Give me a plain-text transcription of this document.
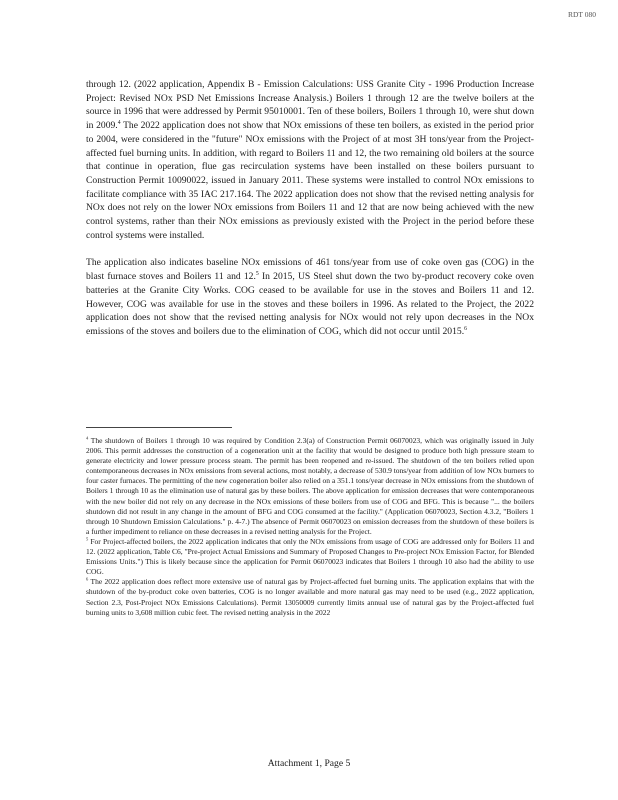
RDT 080

through 12. (2022 application, Appendix B - Emission Calculations: USS Granite City - 1996 Production Increase Project: Revised NOx PSD Net Emissions Increase Analysis.) Boilers 1 through 12 are the twelve boilers at the source in 1996 that were addressed by Permit 95010001. Ten of these boilers, Boilers 1 through 10, were shut down in 2009.$^4$ The 2022 application does not show that NOx emissions of these ten boilers, as existed in the period prior to 2004, were considered in the "future" NOx emissions with the Project of at most 3H tons/year from the Project-affected fuel burning units. In addition, with regard to Boilers 11 and 12, the two remaining old boilers at the source that continue in operation, flue gas recirculation systems have been installed on these boilers pursuant to Construction Permit 10090022, issued in January 2011. These systems were installed to control NOx emissions to facilitate compliance with 35 IAC 217.164. The 2022 application does not show that the revised netting analysis for NOx does not rely on the lower NOx emissions from Boilers 11 and 12 that are now being achieved with the new control systems, rather than their NOx emissions as previously existed with the Project in the period before these control systems were installed.

The application also indicates baseline NOx emissions of 461 tons/year from use of coke oven gas (COG) in the blast furnace stoves and Boilers 11 and 12.$^5$ In 2015, US Steel shut down the two by-product recovery coke oven batteries at the Granite City Works. COG ceased to be available for use in the stoves and Boilers 11 and 12. However, COG was available for use in the stoves and these boilers in 1996. As related to the Project, the 2022 application does not show that the revised netting analysis for NOx would not rely upon decreases in the NOx emissions of the stoves and boilers due to the elimination of COG, which did not occur until 2015.$^6$

$^4$ The shutdown of Boilers 1 through 10 was required by Condition 2.3(a) of Construction Permit 06070023, which was originally issued in July 2006. This permit addresses the construction of a cogeneration unit at the facility that would be designed to produce both high pressure steam to generate electricity and lower pressure process steam. The permit has been reopened and re-issued. The shutdown of the ten boilers relied upon contemporaneous decreases in NOx emissions from several actions, most notably, a decrease of 530.9 tons/year from addition of low NOx burners to four caster furnaces. The permitting of the new cogeneration boiler also relied on a 351.1 tons/year decrease in NOx emissions from the shutdown of Boilers 1 through 10 as the elimination use of natural gas by these boilers. The above application for emission decreases that were contemporaneous with the new boiler did not rely on any decrease in the NOx emissions of these boilers from use of COG and BFG. This is because "... the boilers shutdown did not result in any change in the amount of BFG and COG consumed at the facility." (Application 06070023, Section 4.3.2, "Boilers 1 through 10 Shutdown Emission Calculations." p. 4-7.) The absence of Permit 06070023 on emission decreases from the shutdown of these boilers is a further impediment to reliance on these decreases in a revised netting analysis for the Project.

$^5$ For Project-affected boilers, the 2022 application indicates that only the NOx emissions from usage of COG are addressed only for Boilers 11 and 12. (2022 application, Table C6, "Pre-project Actual Emissions and Summary of Proposed Changes to Pre-project NOx Emission Factor, for Blended Emissions Units.") This is likely because since the application for Permit 06070023 indicates that Boilers 1 through 10 also had the ability to use COG.

$^6$ The 2022 application does reflect more extensive use of natural gas by Project-affected fuel burning units. The application explains that with the shutdown of the by-product coke oven batteries, COG is no longer available and more natural gas may need to be used (e.g., 2022 application, Section 2.3, Post-Project NOx Emissions Calculations). Permit 13050009 currently limits annual use of natural gas by the Project-affected fuel burning units to 3,608 million cubic feet. The revised netting analysis in the 2022

Attachment 1, Page 5
